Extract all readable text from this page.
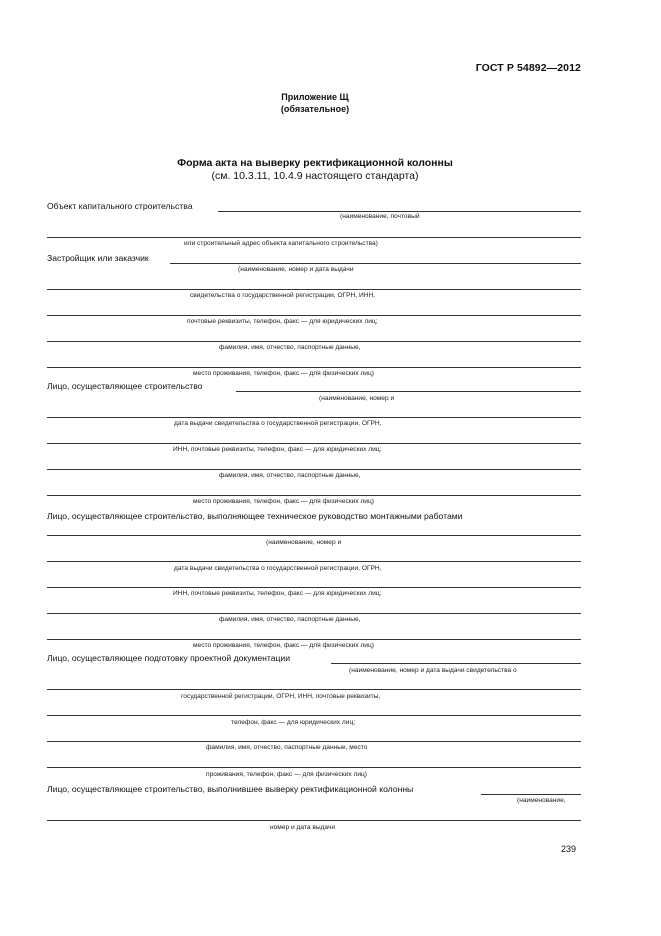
ГОСТ Р 54892—2012
Приложение Щ
(обязательное)
Форма акта на выверку ректификационной колонны
(см. 10.3.11, 10.4.9 настоящего стандарта)
Объект капитального строительства
(наименование, почтовый
или строительный адрес объекта капитального строительства)
Застройщик или заказчик
(наименование, номер и дата выдачи
свидетельства о государственной регистрации, ОГРН, ИНН,
почтовые реквизиты, телефон, факс — для юридических лиц;
фамилия, имя, отчество, паспортные данные,
место проживания, телефон, факс — для физических лиц)
Лицо, осуществляющее строительство
(наименование, номер и
дата выдачи свидетельства о государственной регистрации, ОГРН,
ИНН, почтовые реквизиты, телефон, факс — для юридических лиц;
фамилия, имя, отчество, паспортные данные,
место проживания, телефон, факс — для физических лиц)
Лицо, осуществляющее строительство, выполняющее техническое руководство монтажными работами
(наименование, номер и
дата выдачи свидетельства о государственной регистрации, ОГРН,
ИНН, почтовые реквизиты, телефон, факс — для юридических лиц;
фамилия, имя, отчество, паспортные данные,
место проживания, телефон, факс — для физических лиц)
Лицо, осуществляющее подготовку проектной документации
(наименование, номер и дата выдачи свидетельства о
государственной регистрации, ОГРН, ИНН, почтовые реквизиты,
телефон, факс — для юридических лиц;
фамилия, имя, отчество, паспортные данные, место
проживания, телефон, факс — для физических лиц)
Лицо, осуществляющее строительство, выполнившее выверку ректификационной колонны
(наименование,
номер и дата выдачи
239
